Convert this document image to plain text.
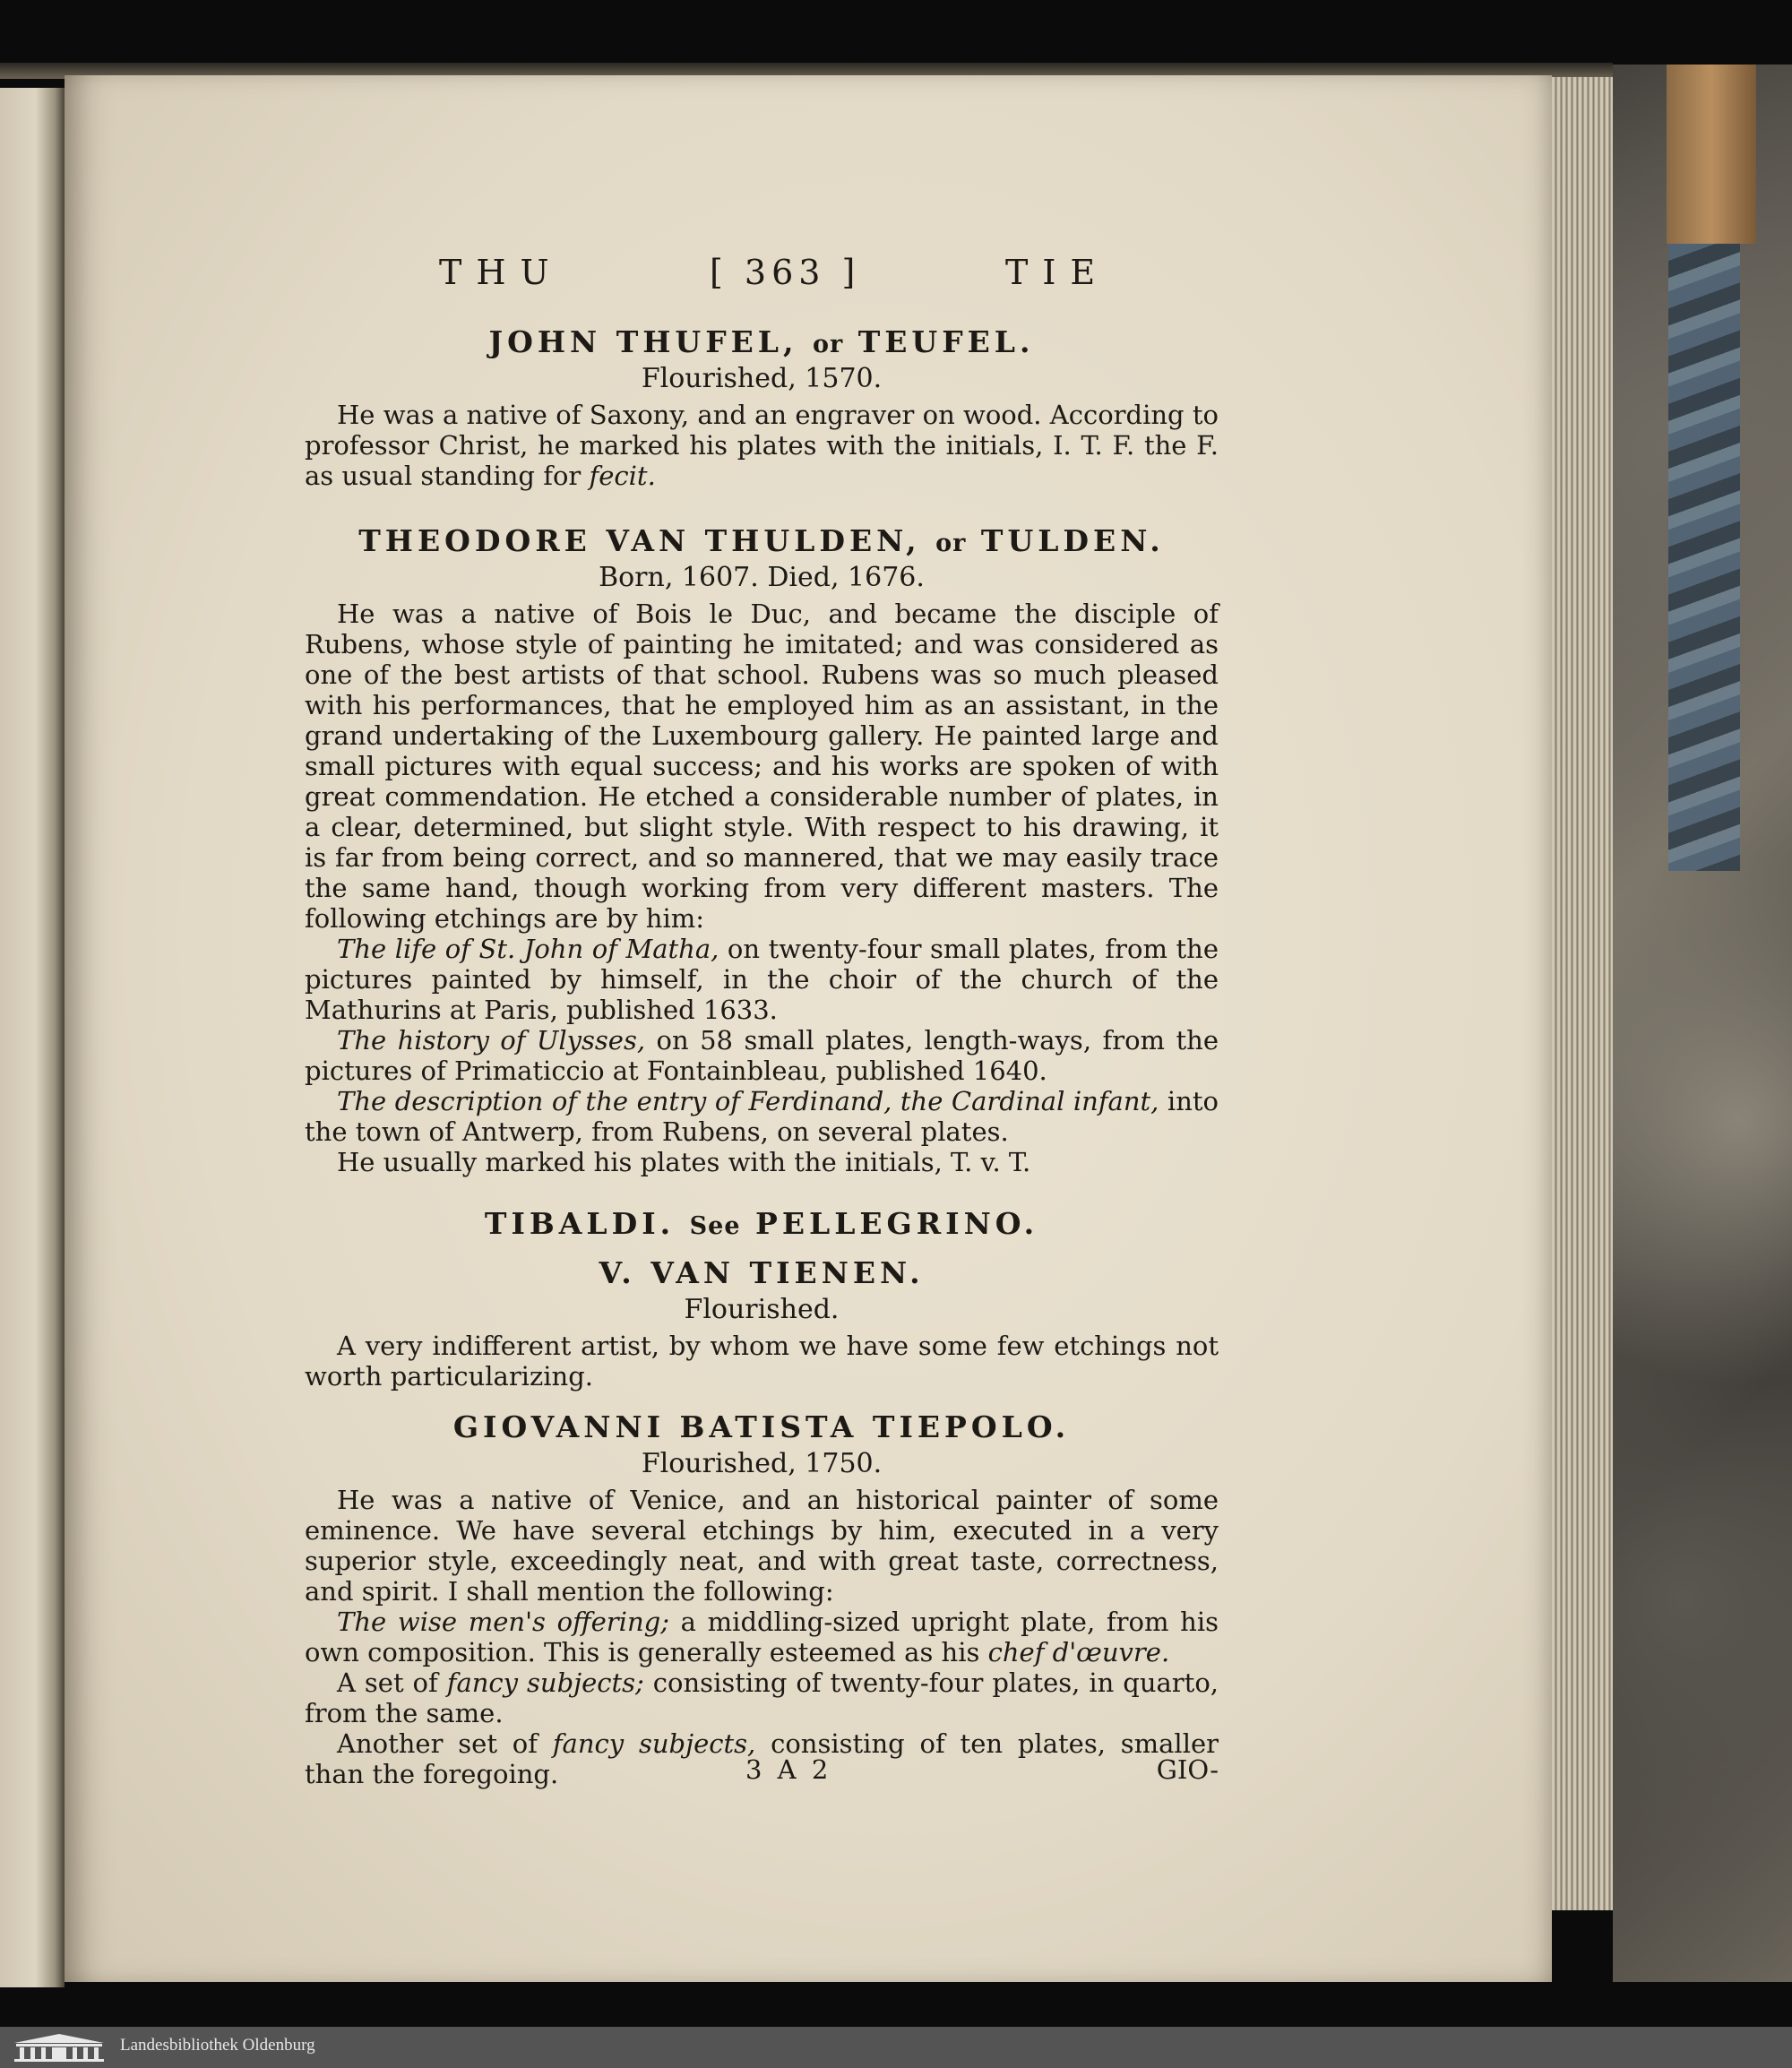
THU	[ 363 ]	TIE
JOHN THUFEL, or TEUFEL.
Flourished, 1570.

He was a native of Saxony, and an engraver on wood. According to professor Christ, he marked his plates with the initials, I. T. F. the F. as usual standing for fecit.

THEODORE VAN THULDEN, or TULDEN.
Born, 1607. Died, 1676.

He was a native of Bois le Duc, and became the disciple of Rubens, whose style of painting he imitated; and was considered as one of the best artists of that school. Rubens was so much pleased with his performances, that he employed him as an assistant, in the grand undertaking of the Luxembourg gallery. He painted large and small pictures with equal success; and his works are spoken of with great commendation. He etched a considerable number of plates, in a clear, determined, but slight style. With respect to his drawing, it is far from being correct, and so mannered, that we may easily trace the same hand, though working from very different masters. The following etchings are by him:

The life of St. John of Matha, on twenty-four small plates, from the pictures painted by himself, in the choir of the church of the Mathurins at Paris, published 1633.

The history of Ulysses, on 58 small plates, length-ways, from the pictures of Primaticcio at Fontainbleau, published 1640.

The description of the entry of Ferdinand, the Cardinal infant, into the town of Antwerp, from Rubens, on several plates.

He usually marked his plates with the initials, T. v. T.

TIBALDI. See PELLEGRINO.
V. VAN TIENEN.
Flourished.

A very indifferent artist, by whom we have some few etchings not worth particularizing.

GIOVANNI BATISTA TIEPOLO.
Flourished, 1750.

He was a native of Venice, and an historical painter of some eminence. We have several etchings by him, executed in a very superior style, exceedingly neat, and with great taste, correctness, and spirit. I shall mention the following:

The wise men's offering; a middling-sized upright plate, from his own composition. This is generally esteemed as his chef d'œuvre.

A set of fancy subjects; consisting of twenty-four plates, in quarto, from the same.

Another set of fancy subjects, consisting of ten plates, smaller than the foregoing.	3 A 2	GIO-
Landesbibliothek Oldenburg
